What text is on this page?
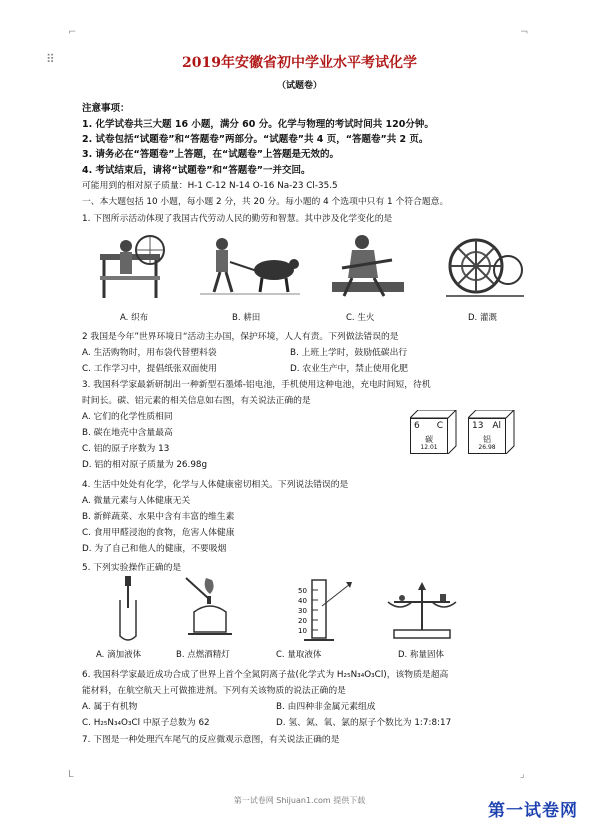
⌐	¬
⠿
L	⌟
2019年安徽省初中学业水平考试化学
（试题卷）
注意事项：
1. 化学试卷共三大题 16 小题，满分 60 分。化学与物理的考试时间共 120分钟。
2. 试卷包括“试题卷”和“答题卷”两部分。“试题卷”共 4 页，“答题卷”共 2 页。
3. 请务必在“答题卷”上答题，在“试题卷”上答题是无效的。
4. 考试结束后，请将“试题卷”和“答题卷”一并交回。
可能用到的相对原子质量：H-1 C-12 N-14 O-16 Na-23 Cl-35.5
一、本大题包括 10 小题，每小题 2 分，共 20 分。每小题的 4 个选项中只有 1 个符合题意。
1. 下图所示活动体现了我国古代劳动人民的勤劳和智慧。其中涉及化学变化的是
A. 织布	B. 耕田	C. 生火	D. 灌溉
2 我国是今年”世界环境日“活动主办国，保护环境，人人有责。下列做法错误的是
A. 生活购物时，用布袋代替塑料袋	B. 上班上学时，鼓励低碳出行
C. 工作学习中，提倡纸张双面使用	D. 农业生产中，禁止使用化肥
3. 我国科学家最新研制出一种新型石墨烯-铝电池，手机使用这种电池，充电时间短，待机
时间长。碳、铝元素的相关信息如右图，有关说法正确的是
A. 它们的化学性质相同
B. 碳在地壳中含量最高
C. 铝的原子序数为 13
D. 铝的相对原子质量为 26.98g
6 C
碳
12.01
13 Al
铝
26.98
4. 生活中处处有化学，化学与人体健康密切相关。下列说法错误的是
A. 微量元素与人体健康无关
B. 新鲜蔬菜、水果中含有丰富的维生素
C. 食用甲醛浸泡的食物，危害人体健康
D. 为了自己和他人的健康，不要吸烟
5. 下列实验操作正确的是
50
40
30
20
10
A. 滴加液体	B. 点燃酒精灯	C. 量取液体	D. 称量固体
6. 我国科学家最近成功合成了世界上首个全氮阴离子盐(化学式为 H₂₅N₃₄O₃Cl)，该物质是超高
能材料，在航空航天上可做推进剂。下列有关该物质的说法正确的是
A. 属于有机物	B. 由四种非金属元素组成
C. H₂₅N₃₄O₃Cl 中原子总数为 62	D. 氢、氮、氧、氯的原子个数比为 1:7:8:17
7. 下图是一种处理汽车尾气的反应微观示意图，有关说法正确的是
第一试卷网 Shijuan1.com 提供下载
第一试卷网
